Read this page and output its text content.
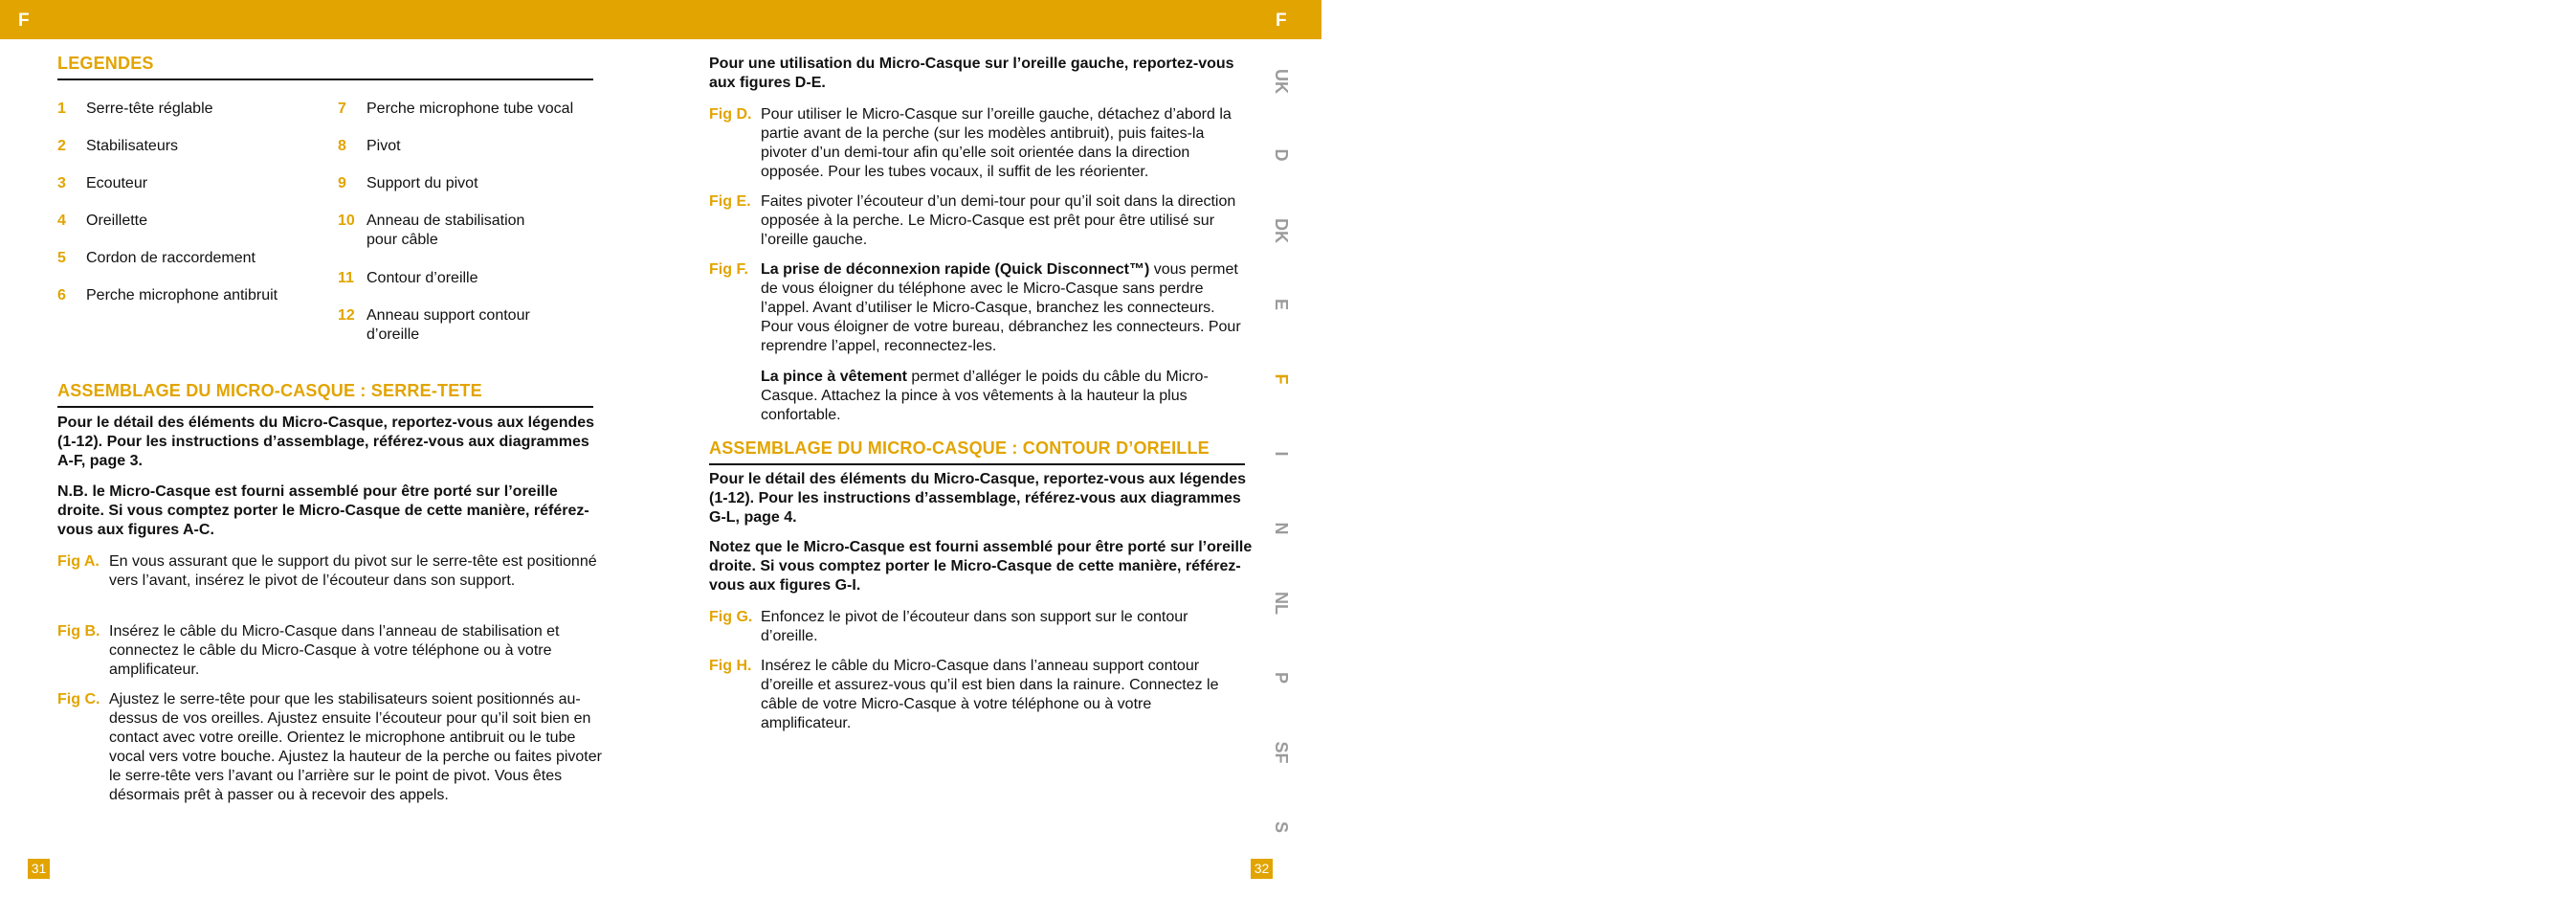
F	F
LEGENDES
1 Serre-tête réglable
2 Stabilisateurs
3 Ecouteur
4 Oreillette
5 Cordon de raccordement
6 Perche microphone antibruit
7 Perche microphone tube vocal
8 Pivot
9 Support du pivot
10 Anneau de stabilisation pour câble
11 Contour d’oreille
12 Anneau support contour d’oreille
ASSEMBLAGE DU MICRO-CASQUE : SERRE-TETE
Pour le détail des éléments du Micro-Casque, reportez-vous aux légendes (1-12). Pour les instructions d’assemblage, référez-vous aux diagrammes A-F, page 3.
N.B. le Micro-Casque est fourni assemblé pour être porté sur l’oreille droite. Si vous comptez porter le Micro-Casque de cette manière, référez-vous aux figures A-C.
Fig A. En vous assurant que le support du pivot sur le serre-tête est positionné vers l’avant, insérez le pivot de l’écouteur dans son support.
Fig B. Insérez le câble du Micro-Casque dans l’anneau de stabilisation et connectez le câble du Micro-Casque à votre téléphone ou à votre amplificateur.
Fig C. Ajustez le serre-tête pour que les stabilisateurs soient positionnés au-dessus de vos oreilles. Ajustez ensuite l’écouteur pour qu’il soit bien en contact avec votre oreille. Orientez le microphone antibruit ou le tube vocal vers votre bouche. Ajustez la hauteur de la perche ou faites pivoter le serre-tête vers l’avant ou l’arrière sur le point de pivot. Vous êtes désormais prêt à passer ou à recevoir des appels.
Pour une utilisation du Micro-Casque sur l’oreille gauche, reportez-vous aux figures D-E.
Fig D. Pour utiliser le Micro-Casque sur l’oreille gauche, détachez d’abord la partie avant de la perche (sur les modèles antibruit), puis faites-la pivoter d’un demi-tour afin qu’elle soit orientée dans la direction opposée. Pour les tubes vocaux, il suffit de les réorienter.
Fig E. Faites pivoter l’écouteur d’un demi-tour pour qu’il soit dans la direction opposée à la perche. Le Micro-Casque est prêt pour être utilisé sur l’oreille gauche.
Fig F. La prise de déconnexion rapide (Quick Disconnect™) vous permet de vous éloigner du téléphone avec le Micro-Casque sans perdre l’appel. Avant d’utiliser le Micro-Casque, branchez les connecteurs. Pour vous éloigner de votre bureau, débranchez les connecteurs. Pour reprendre l’appel, reconnectez-les.
La pince à vêtement permet d’alléger le poids du câble du Micro-Casque. Attachez la pince à vos vêtements à la hauteur la plus confortable.
ASSEMBLAGE DU MICRO-CASQUE : CONTOUR D’OREILLE
Pour le détail des éléments du Micro-Casque, reportez-vous aux légendes (1-12). Pour les instructions d’assemblage, référez-vous aux diagrammes G-L, page 4.
Notez que le Micro-Casque est fourni assemblé pour être porté sur l’oreille droite. Si vous comptez porter le Micro-Casque de cette manière, référez-vous aux figures G-I.
Fig G. Enfoncez le pivot de l’écouteur dans son support sur le contour d’oreille.
Fig H. Insérez le câble du Micro-Casque dans l’anneau support contour d’oreille et assurez-vous qu’il est bien dans la rainure. Connectez le câble de votre Micro-Casque à votre téléphone ou à votre amplificateur.
UK
D
DK
E
F
I
N
NL
P
SF
S
31	32
